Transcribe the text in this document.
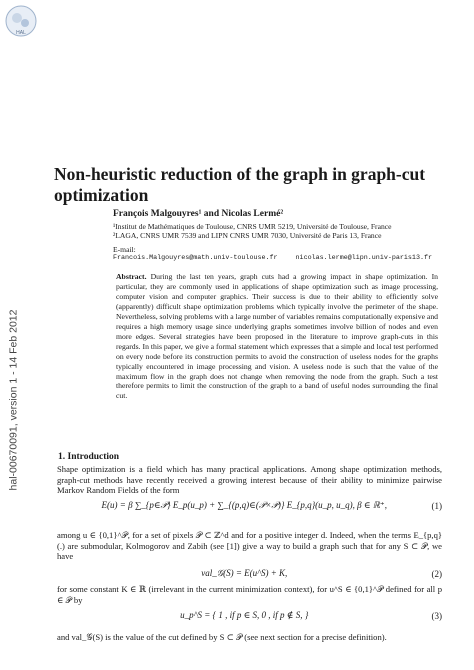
HAL
hal-00670091, version 1 - 14 Feb 2012
Non-heuristic reduction of the graph in graph-cut
optimization
François Malgouyres¹ and Nicolas Lermé²
¹Institut de Mathématiques de Toulouse, CNRS UMR 5219, Université de Toulouse, France
²LAGA, CNRS UMR 7539 and LIPN CNRS UMR 7030, Université de Paris 13, France
E-mail:
Francois.Malgouyres@math.univ-toulouse.fr	nicolas.lerme@lipn.univ-paris13.fr
Abstract. During the last ten years, graph cuts had a growing impact in shape optimization. In particular, they are commonly used in applications of shape optimization such as image processing, computer vision and computer graphics. Their success is due to their ability to efficiently solve (apparently) difficult shape optimization problems which typically involve the perimeter of the shape. Nevertheless, solving problems with a large number of variables remains computationally expensive and requires a high memory usage since underlying graphs sometimes involve billion of nodes and even more edges. Several strategies have been proposed in the literature to improve graph-cuts in this regards. In this paper, we give a formal statement which expresses that a simple and local test performed on every node before its construction permits to avoid the construction of useless nodes for the graphs typically encountered in image processing and vision. A useless node is such that the value of the maximum flow in the graph does not change when removing the node from the graph. Such a test therefore permits to limit the construction of the graph to a band of useful nodes surrounding the final cut.
1. Introduction
Shape optimization is a field which has many practical applications. Among shape optimization methods, graph-cut methods have recently received a growing interest because of their ability to minimize pairwise Markov Random Fields of the form
E(u) = β ∑_{p∈𝒫} E_p(u_p) + ∑_{(p,q)∈(𝒫×𝒫)} E_{p,q}(u_p, u_q), β ∈ ℝ⁺,	(1)
among u ∈ {0,1}^𝒫, for a set of pixels 𝒫 ⊂ ℤ^d and for a positive integer d. Indeed, when the terms E_{p,q}(.) are submodular, Kolmogorov and Zabih (see [1]) give a way to build a graph such that for any S ⊂ 𝒫, we have
val_𝒢(S) = E(u^S) + K,	(2)
for some constant K ∈ ℝ (irrelevant in the current minimization context), for u^S ∈ {0,1}^𝒫 defined for all p ∈ 𝒫 by
u_p^S = { 1 , if p ∈ S, 0 , if p ∉ S, }	(3)
and val_𝒢(S) is the value of the cut defined by S ⊂ 𝒫 (see next section for a precise definition).
